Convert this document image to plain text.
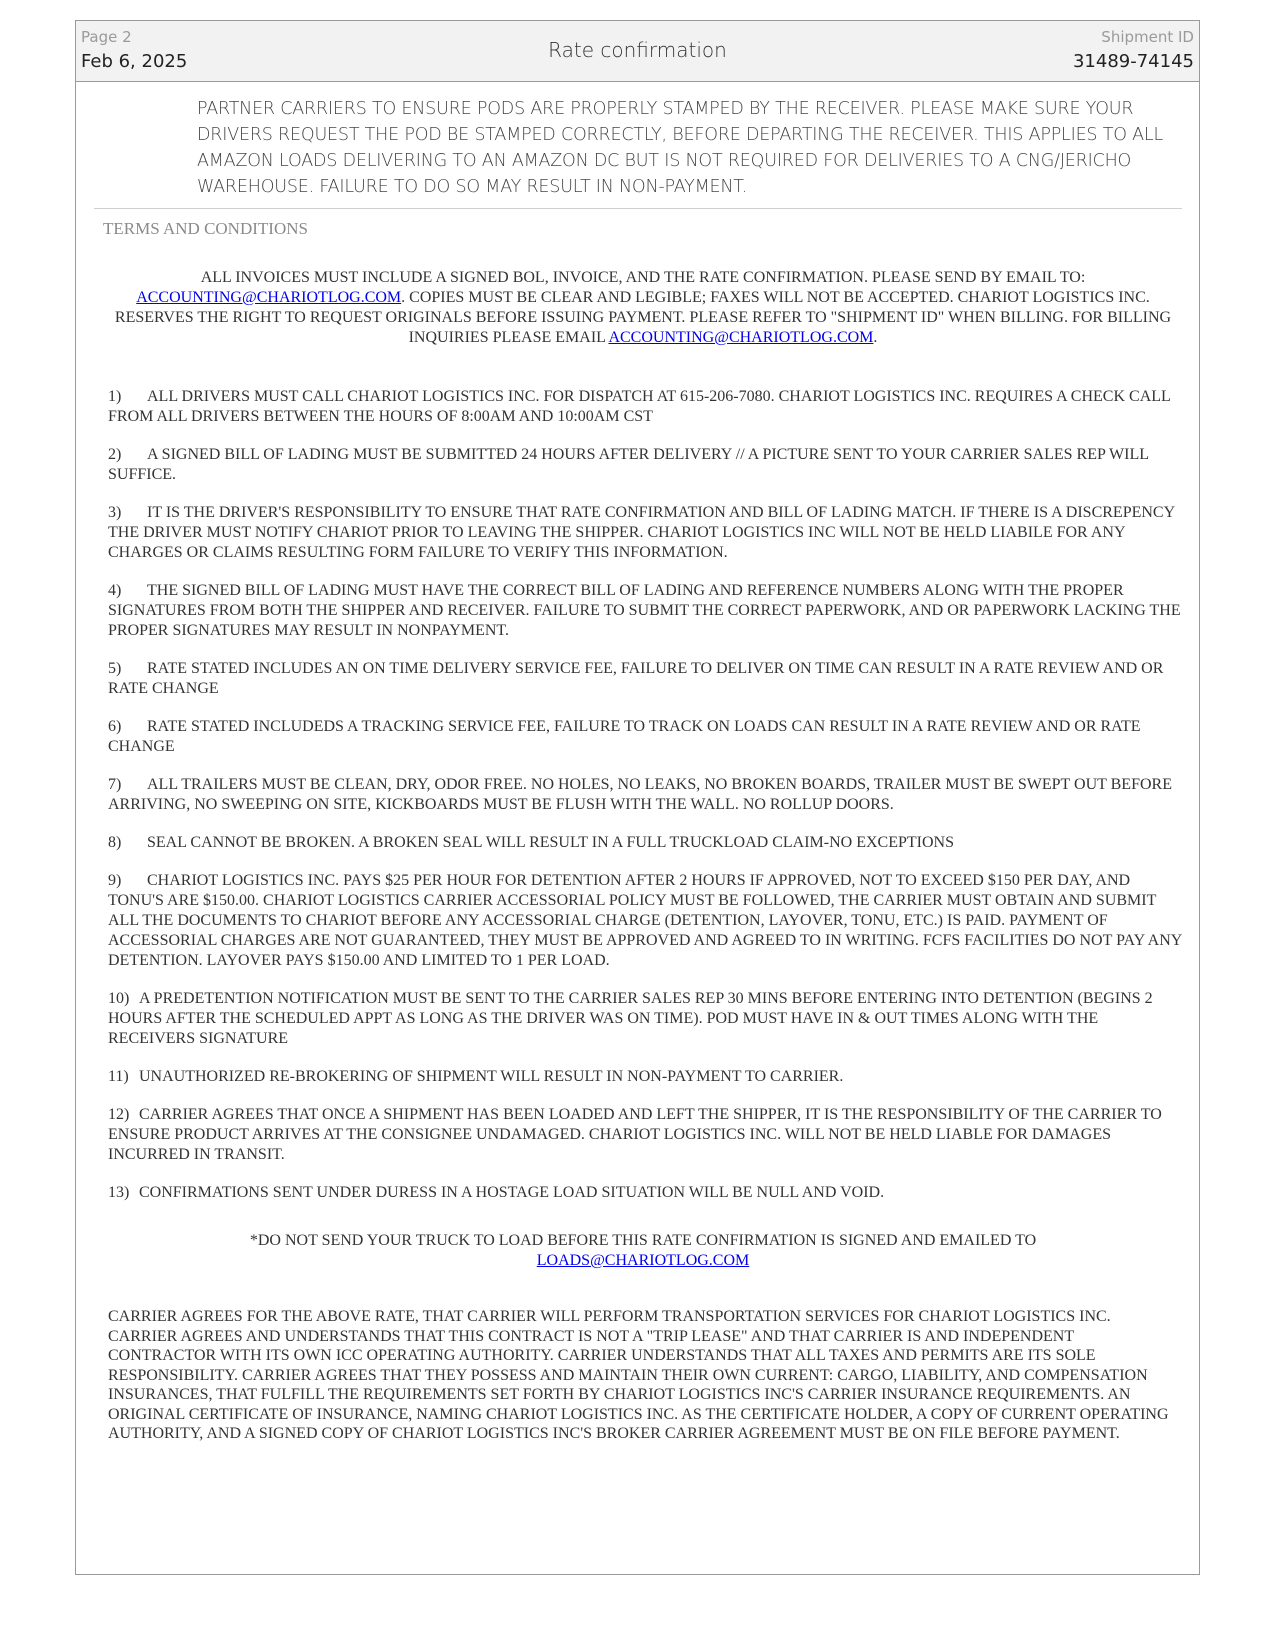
Page 2
Feb 6, 2025	Rate confirmation
Shipment ID
31489-74145
PARTNER CARRIERS TO ENSURE PODS ARE PROPERLY STAMPED BY THE RECEIVER. PLEASE MAKE SURE YOUR DRIVERS REQUEST THE POD BE STAMPED CORRECTLY, BEFORE DEPARTING THE RECEIVER. THIS APPLIES TO ALL AMAZON LOADS DELIVERING TO AN AMAZON DC BUT IS NOT REQUIRED FOR DELIVERIES TO A CNG/JERICHO WAREHOUSE. FAILURE TO DO SO MAY RESULT IN NON-PAYMENT.
TERMS AND CONDITIONS
ALL INVOICES MUST INCLUDE A SIGNED BOL, INVOICE, AND THE RATE CONFIRMATION. PLEASE SEND BY EMAIL TO: ACCOUNTING@CHARIOTLOG.COM. COPIES MUST BE CLEAR AND LEGIBLE; FAXES WILL NOT BE ACCEPTED. CHARIOT LOGISTICS INC. RESERVES THE RIGHT TO REQUEST ORIGINALS BEFORE ISSUING PAYMENT. PLEASE REFER TO "SHIPMENT ID" WHEN BILLING. FOR BILLING INQUIRIES PLEASE EMAIL ACCOUNTING@CHARIOTLOG.COM.
1) ALL DRIVERS MUST CALL CHARIOT LOGISTICS INC. FOR DISPATCH AT 615-206-7080. CHARIOT LOGISTICS INC. REQUIRES A CHECK CALL FROM ALL DRIVERS BETWEEN THE HOURS OF 8:00AM AND 10:00AM CST
2) A SIGNED BILL OF LADING MUST BE SUBMITTED 24 HOURS AFTER DELIVERY // A PICTURE SENT TO YOUR CARRIER SALES REP WILL SUFFICE.
3) IT IS THE DRIVER'S RESPONSIBILITY TO ENSURE THAT RATE CONFIRMATION AND BILL OF LADING MATCH. IF THERE IS A DISCREPENCY THE DRIVER MUST NOTIFY CHARIOT PRIOR TO LEAVING THE SHIPPER. CHARIOT LOGISTICS INC WILL NOT BE HELD LIABILE FOR ANY CHARGES OR CLAIMS RESULTING FORM FAILURE TO VERIFY THIS INFORMATION.
4) THE SIGNED BILL OF LADING MUST HAVE THE CORRECT BILL OF LADING AND REFERENCE NUMBERS ALONG WITH THE PROPER SIGNATURES FROM BOTH THE SHIPPER AND RECEIVER. FAILURE TO SUBMIT THE CORRECT PAPERWORK, AND OR PAPERWORK LACKING THE PROPER SIGNATURES MAY RESULT IN NONPAYMENT.
5) RATE STATED INCLUDES AN ON TIME DELIVERY SERVICE FEE, FAILURE TO DELIVER ON TIME CAN RESULT IN A RATE REVIEW AND OR RATE CHANGE
6) RATE STATED INCLUDEDS A TRACKING SERVICE FEE, FAILURE TO TRACK ON LOADS CAN RESULT IN A RATE REVIEW AND OR RATE CHANGE
7) ALL TRAILERS MUST BE CLEAN, DRY, ODOR FREE. NO HOLES, NO LEAKS, NO BROKEN BOARDS, TRAILER MUST BE SWEPT OUT BEFORE ARRIVING, NO SWEEPING ON SITE, KICKBOARDS MUST BE FLUSH WITH THE WALL. NO ROLLUP DOORS.
8) SEAL CANNOT BE BROKEN. A BROKEN SEAL WILL RESULT IN A FULL TRUCKLOAD CLAIM-NO EXCEPTIONS
9) CHARIOT LOGISTICS INC. PAYS $25 PER HOUR FOR DETENTION AFTER 2 HOURS IF APPROVED, NOT TO EXCEED $150 PER DAY, AND TONU'S ARE $150.00. CHARIOT LOGISTICS CARRIER ACCESSORIAL POLICY MUST BE FOLLOWED, THE CARRIER MUST OBTAIN AND SUBMIT ALL THE DOCUMENTS TO CHARIOT BEFORE ANY ACCESSORIAL CHARGE (DETENTION, LAYOVER, TONU, ETC.) IS PAID. PAYMENT OF ACCESSORIAL CHARGES ARE NOT GUARANTEED, THEY MUST BE APPROVED AND AGREED TO IN WRITING. FCFS FACILITIES DO NOT PAY ANY DETENTION. LAYOVER PAYS $150.00 AND LIMITED TO 1 PER LOAD.
10) A PREDETENTION NOTIFICATION MUST BE SENT TO THE CARRIER SALES REP 30 MINS BEFORE ENTERING INTO DETENTION (BEGINS 2 HOURS AFTER THE SCHEDULED APPT AS LONG AS THE DRIVER WAS ON TIME). POD MUST HAVE IN & OUT TIMES ALONG WITH THE RECEIVERS SIGNATURE
11) UNAUTHORIZED RE-BROKERING OF SHIPMENT WILL RESULT IN NON-PAYMENT TO CARRIER.
12) CARRIER AGREES THAT ONCE A SHIPMENT HAS BEEN LOADED AND LEFT THE SHIPPER, IT IS THE RESPONSIBILITY OF THE CARRIER TO ENSURE PRODUCT ARRIVES AT THE CONSIGNEE UNDAMAGED. CHARIOT LOGISTICS INC. WILL NOT BE HELD LIABLE FOR DAMAGES INCURRED IN TRANSIT.
13) CONFIRMATIONS SENT UNDER DURESS IN A HOSTAGE LOAD SITUATION WILL BE NULL AND VOID.
*DO NOT SEND YOUR TRUCK TO LOAD BEFORE THIS RATE CONFIRMATION IS SIGNED AND EMAILED TO
LOADS@CHARIOTLOG.COM
CARRIER AGREES FOR THE ABOVE RATE, THAT CARRIER WILL PERFORM TRANSPORTATION SERVICES FOR CHARIOT LOGISTICS INC. CARRIER AGREES AND UNDERSTANDS THAT THIS CONTRACT IS NOT A "TRIP LEASE" AND THAT CARRIER IS AND INDEPENDENT CONTRACTOR WITH ITS OWN ICC OPERATING AUTHORITY. CARRIER UNDERSTANDS THAT ALL TAXES AND PERMITS ARE ITS SOLE RESPONSIBILITY. CARRIER AGREES THAT THEY POSSESS AND MAINTAIN THEIR OWN CURRENT: CARGO, LIABILITY, AND COMPENSATION INSURANCES, THAT FULFILL THE REQUIREMENTS SET FORTH BY CHARIOT LOGISTICS INC'S CARRIER INSURANCE REQUIREMENTS. AN ORIGINAL CERTIFICATE OF INSURANCE, NAMING CHARIOT LOGISTICS INC. AS THE CERTIFICATE HOLDER, A COPY OF CURRENT OPERATING AUTHORITY, AND A SIGNED COPY OF CHARIOT LOGISTICS INC'S BROKER CARRIER AGREEMENT MUST BE ON FILE BEFORE PAYMENT.
